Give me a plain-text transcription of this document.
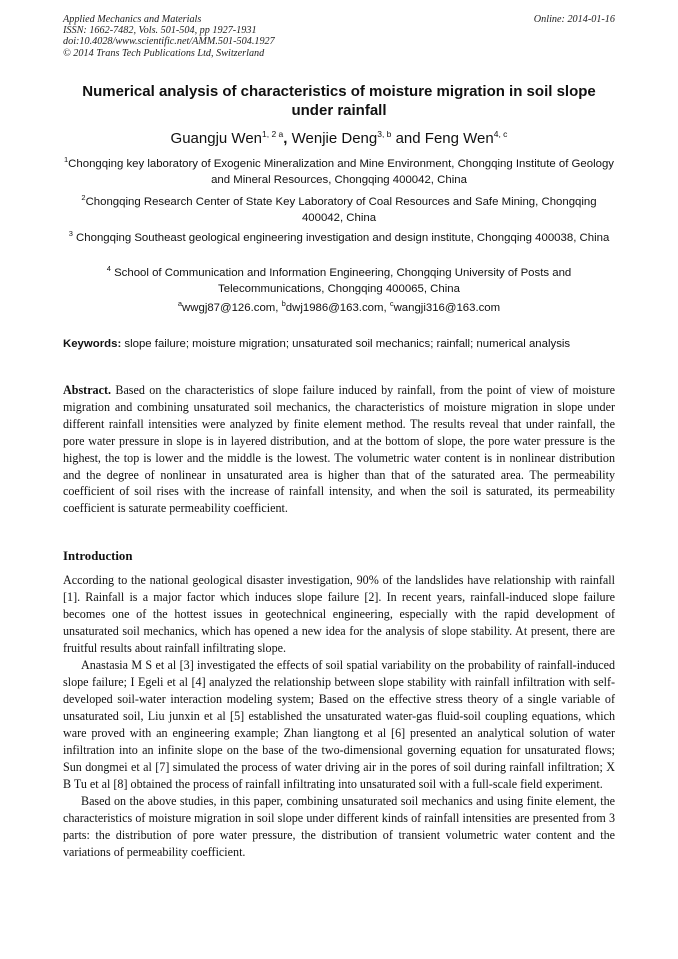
Applied Mechanics and Materials
ISSN: 1662-7482, Vols. 501-504, pp 1927-1931
doi:10.4028/www.scientific.net/AMM.501-504.1927
© 2014 Trans Tech Publications Ltd, Switzerland
Online: 2014-01-16
Numerical analysis of characteristics of moisture migration in soil slope under rainfall
Guangju Wen$^{1, 2 a}$, Wenjie Deng$^{3, b}$ and Feng Wen$^{4, c}$
$^1$Chongqing key laboratory of Exogenic Mineralization and Mine Environment, Chongqing Institute of Geology and Mineral Resources, Chongqing 400042, China
$^2$Chongqing Research Center of State Key Laboratory of Coal Resources and Safe Mining, Chongqing 400042, China
$^3$ Chongqing Southeast geological engineering investigation and design institute, Chongqing 400038, China
$^4$ School of Communication and Information Engineering, Chongqing University of Posts and Telecommunications, Chongqing 400065, China
$^a$wwgj87@126.com, $^b$dwj1986@163.com, $^c$wangji316@163.com
Keywords: slope failure; moisture migration; unsaturated soil mechanics; rainfall; numerical analysis
Abstract. Based on the characteristics of slope failure induced by rainfall, from the point of view of moisture migration and combining unsaturated soil mechanics, the characteristics of moisture migration in slope under different rainfall intensities were analyzed by finite element method. The results reveal that under rainfall, the pore water pressure in slope is in layered distribution, and at the bottom of slope, the pore water pressure is the highest, the top is lower and the middle is the lowest. The volumetric water content is in nonlinear distribution and the degree of nonlinear in unsaturated area is higher than that of the saturated area. The permeability coefficient of soil rises with the increase of rainfall intensity, and when the soil is saturated, its permeability coefficient is saturate permeability coefficient.
Introduction

According to the national geological disaster investigation, 90% of the landslides have relationship with rainfall [1]. Rainfall is a major factor which induces slope failure [2]. In recent years, rainfall-induced slope failure becomes one of the hottest issues in geotechnical engineering, especially with the rapid development of unsaturated soil mechanics, which has opened a new idea for the analysis of slope stability. At present, there are fruitful results about rainfall infiltrating slope.

Anastasia M S et al [3] investigated the effects of soil spatial variability on the probability of rainfall-induced slope failure; I Egeli et al [4] analyzed the relationship between slope stability with rainfall infiltration with self-developed soil-water interaction modeling system; Based on the effective stress theory of a single variable of unsaturated soil, Liu junxin et al [5] established the unsaturated water-gas fluid-soil coupling equations, which ware proved with an engineering example; Zhan liangtong et al [6] presented an analytical solution of water infiltration into an infinite slope on the base of the two-dimensional governing equation for unsaturated flows; Sun dongmei et al [7] simulated the process of water driving air in the pores of soil during rainfall infiltration; X B Tu et al [8] obtained the process of rainfall infiltrating into unsaturated soil with a full-scale field experiment.

Based on the above studies, in this paper, combining unsaturated soil mechanics and using finite element, the characteristics of moisture migration in soil slope under different kinds of rainfall intensities are presented from 3 parts: the distribution of pore water pressure, the distribution of transient volumetric water content and the variations of permeability coefficient.
